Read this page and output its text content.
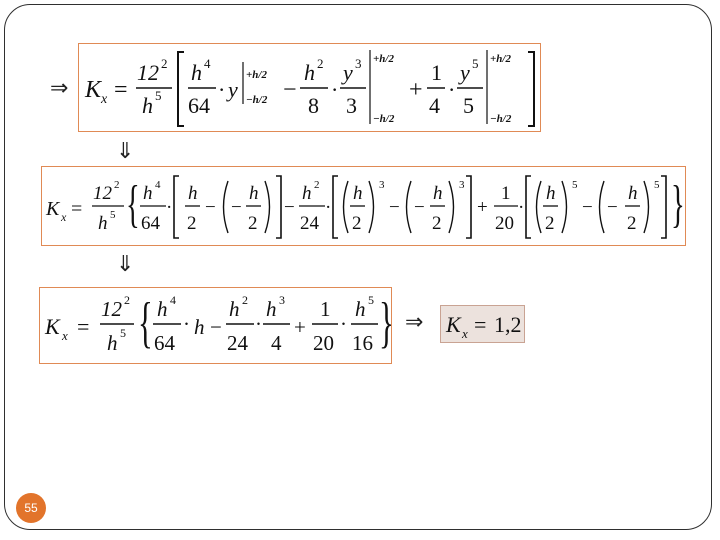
⇒
⇓
⇓
⇒
K x =
12 2
h 5
h 4
64
· y
+h/2
−h/2 −
h 2
8
·
y 3
3
+h/2
−h/2
+
1
4
·
y 5
5
+h/2
−h/2
K x =
12 2
h 5 { h 4
64
·
h
2
− −
h
2
−
h 2
24
·
h
2
3
− −
h
2
3
+
1
20
·
h
2
5
− −
h
2
5 }
K x =
12 2
h 5 { h 4
64
· h −
h 2
24
·
h 3
4
+
1
20
·
h 5
16 } K x = 1,2
55
